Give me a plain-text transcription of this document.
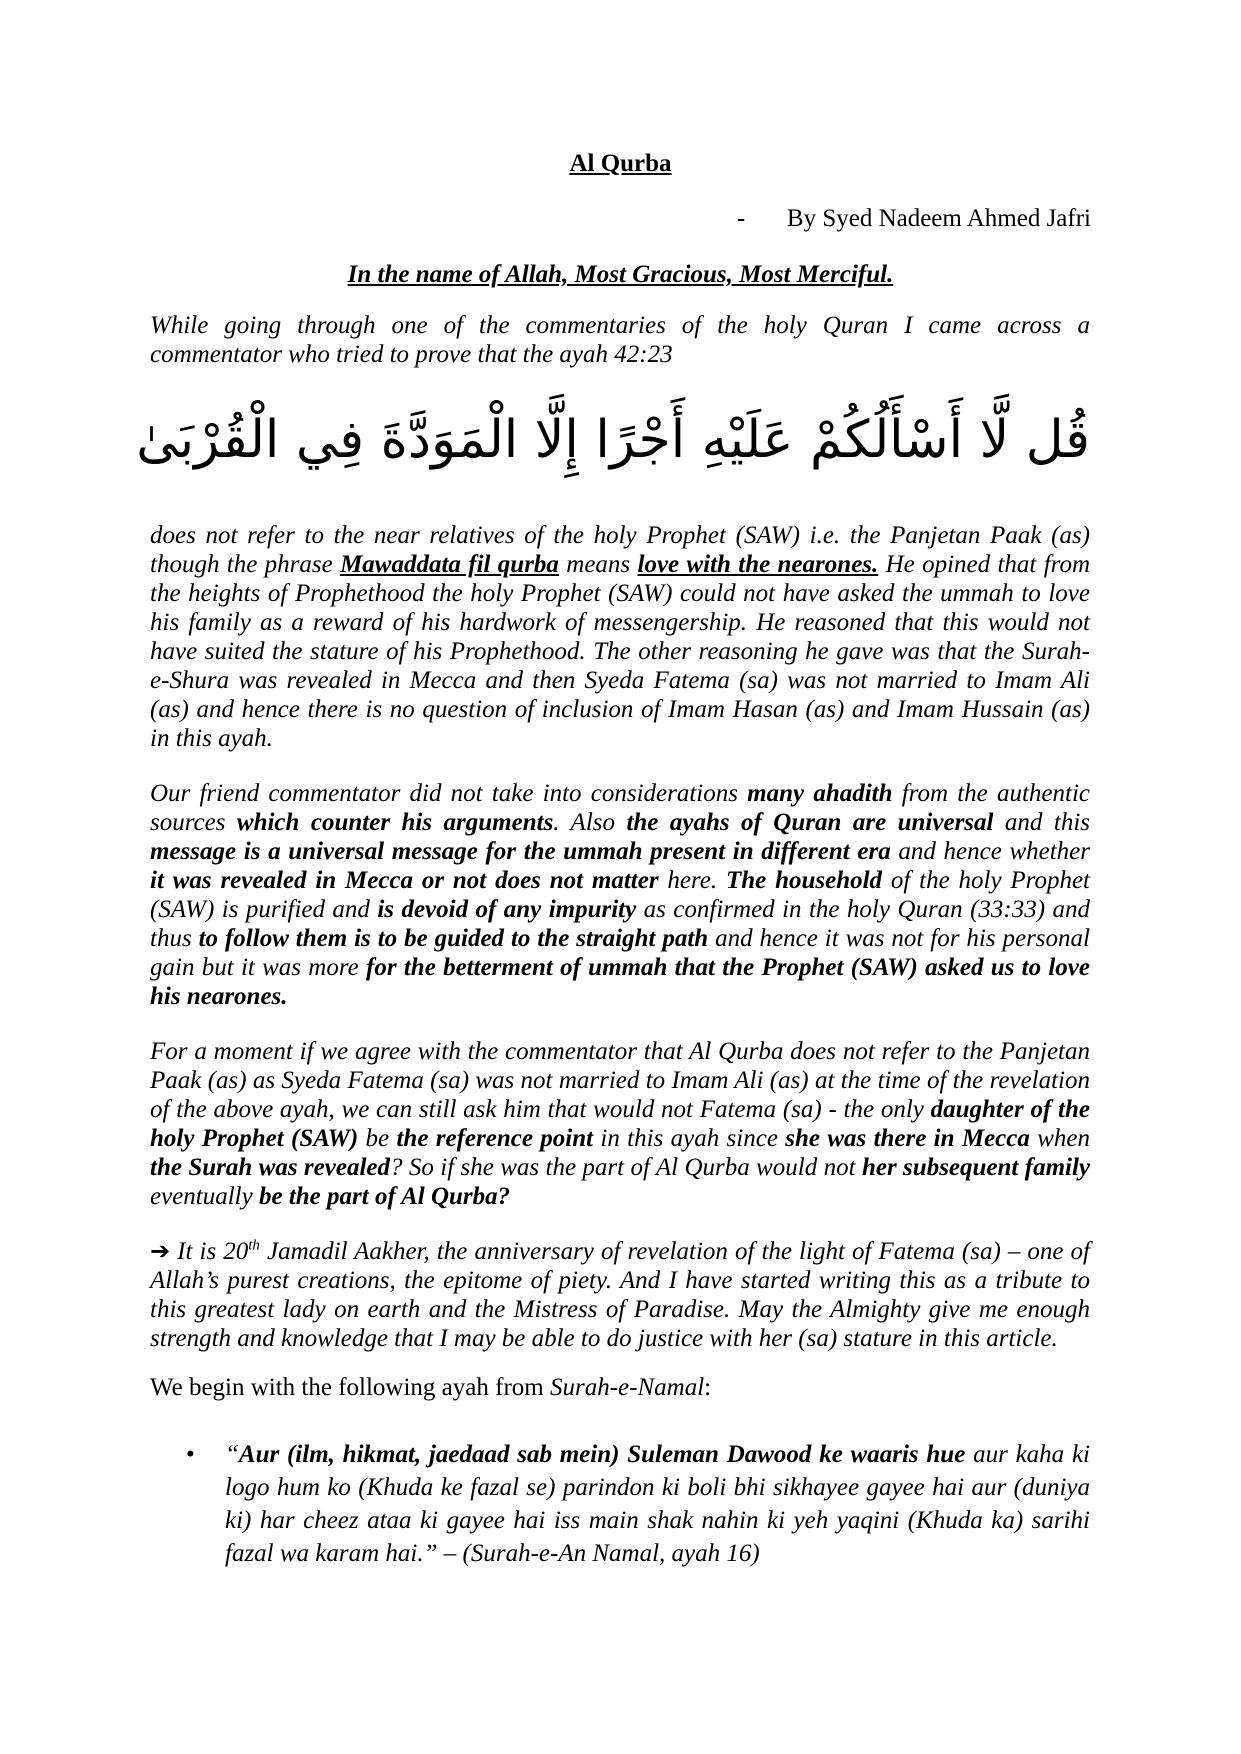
Al Qurba
- By Syed Nadeem Ahmed Jafri
In the name of Allah, Most Gracious, Most Merciful.

While going through one of the commentaries of the holy Quran I came across a commentator who tried to prove that the ayah 42:23

قُل لَّا أَسْأَلُكُمْ عَلَيْهِ أَجْرًا إِلَّا الْمَوَدَّةَ فِي الْقُرْبَىٰ

does not refer to the near relatives of the holy Prophet (SAW) i.e. the Panjetan Paak (as) though the phrase Mawaddata fil qurba means love with the nearones. He opined that from the heights of Prophethood the holy Prophet (SAW) could not have asked the ummah to love his family as a reward of his hardwork of messengership. He reasoned that this would not have suited the stature of his Prophethood. The other reasoning he gave was that the Surah-e-Shura was revealed in Mecca and then Syeda Fatema (sa) was not married to Imam Ali (as) and hence there is no question of inclusion of Imam Hasan (as) and Imam Hussain (as) in this ayah.

Our friend commentator did not take into considerations many ahadith from the authentic sources which counter his arguments. Also the ayahs of Quran are universal and this message is a universal message for the ummah present in different era and hence whether it was revealed in Mecca or not does not matter here. The household of the holy Prophet (SAW) is purified and is devoid of any impurity as confirmed in the holy Quran (33:33) and thus to follow them is to be guided to the straight path and hence it was not for his personal gain but it was more for the betterment of ummah that the Prophet (SAW) asked us to love his nearones.

For a moment if we agree with the commentator that Al Qurba does not refer to the Panjetan Paak (as) as Syeda Fatema (sa) was not married to Imam Ali (as) at the time of the revelation of the above ayah, we can still ask him that would not Fatema (sa) - the only daughter of the holy Prophet (SAW) be the reference point in this ayah since she was there in Mecca when the Surah was revealed? So if she was the part of Al Qurba would not her subsequent family eventually be the part of Al Qurba?

➔ It is 20th Jamadil Aakher, the anniversary of revelation of the light of Fatema (sa) – one of Allah’s purest creations, the epitome of piety. And I have started writing this as a tribute to this greatest lady on earth and the Mistress of Paradise. May the Almighty give me enough strength and knowledge that I may be able to do justice with her (sa) stature in this article.

We begin with the following ayah from Surah-e-Namal:

• “Aur (ilm, hikmat, jaedaad sab mein) Suleman Dawood ke waaris hue aur kaha ki logo hum ko (Khuda ke fazal se) parindon ki boli bhi sikhayee gayee hai aur (duniya ki) har cheez ataa ki gayee hai iss main shak nahin ki yeh yaqini (Khuda ka) sarihi fazal wa karam hai.” – (Surah-e-An Namal, ayah 16)
